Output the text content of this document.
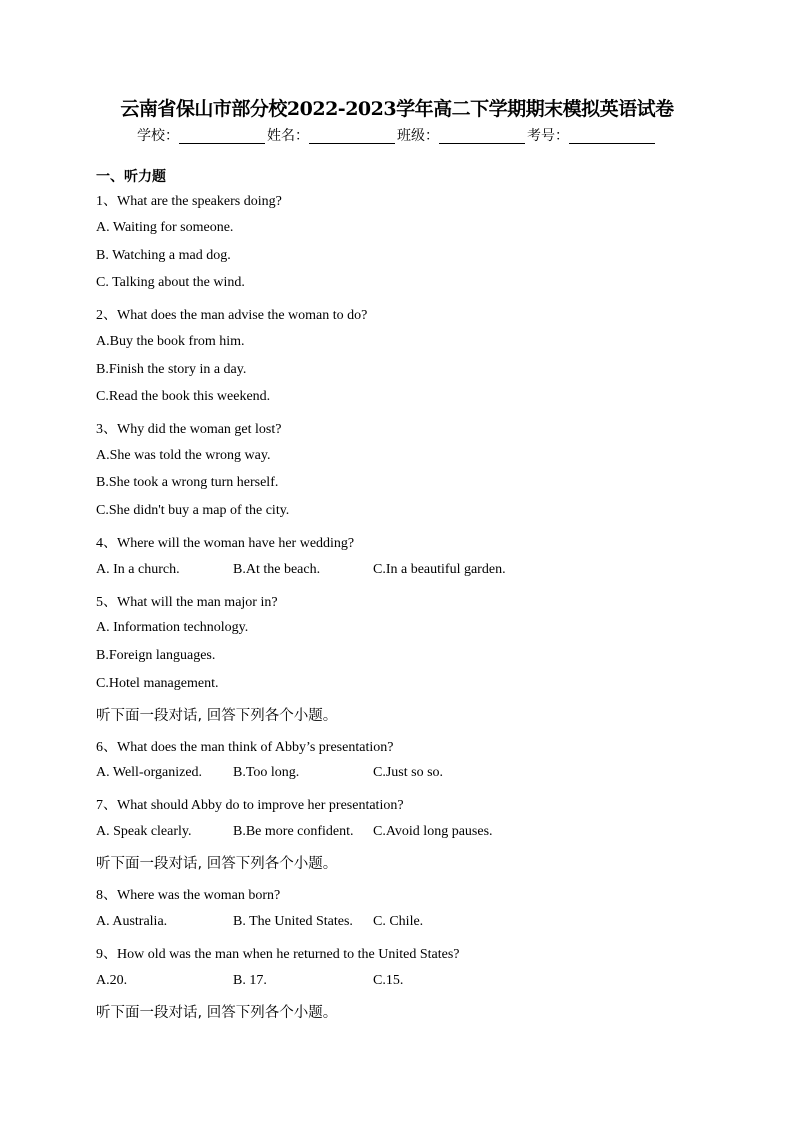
云南省保山市部分校2022-2023学年高二下学期期末模拟英语试卷
学校：	姓名：	班级：	考号：
一、听力题
1、What are the speakers doing?
A. Waiting for someone.
B. Watching a mad dog.
C. Talking about the wind.
2、What does the man advise the woman to do?
A.Buy the book from him.
B.Finish the story in a day.
C.Read the book this weekend.
3、Why did the woman get lost?
A.She was told the wrong way.
B.She took a wrong turn herself.
C.She didn't buy a map of the city.
4、Where will the woman have her wedding?
A. In a church.	B.At the beach.	C.In a beautiful garden.
5、What will the man major in?
A. Information technology.
B.Foreign languages.
C.Hotel management.
听下面一段对话, 回答下列各个小题。
6、What does the man think of Abby’s presentation?
A. Well-organized. B.Too long.	C.Just so so.
7、What should Abby do to improve her presentation?
A. Speak clearly.	B.Be more confident. C.Avoid long pauses.
听下面一段对话, 回答下列各个小题。
8、Where was the woman born?
A. Australia.	B. The United States. C. Chile.
9、How old was the man when he returned to the United States?
A.20.	B. 17.	C.15.
听下面一段对话, 回答下列各个小题。
